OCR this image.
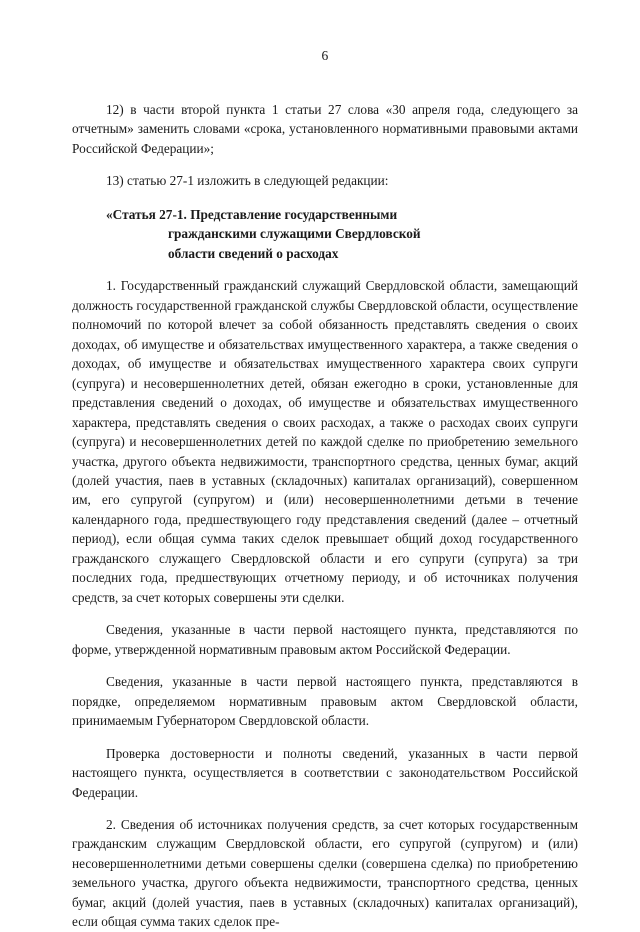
6

12) в части второй пункта 1 статьи 27 слова «30 апреля года, следующего за отчетным» заменить словами «срока, установленного нормативными правовыми актами Российской Федерации»;

13) статью 27-1 изложить в следующей редакции:

«Статья 27-1. Представление государственными
гражданскими служащими Свердловской
области сведений о расходах

1. Государственный гражданский служащий Свердловской области, замещающий должность государственной гражданской службы Свердловской области, осуществление полномочий по которой влечет за собой обязанность представлять сведения о своих доходах, об имуществе и обязательствах имущественного характера, а также сведения о доходах, об имуществе и обязательствах имущественного характера своих супруги (супруга) и несовершеннолетних детей, обязан ежегодно в сроки, установленные для представления сведений о доходах, об имуществе и обязательствах имущественного характера, представлять сведения о своих расходах, а также о расходах своих супруги (супруга) и несовершеннолетних детей по каждой сделке по приобретению земельного участка, другого объекта недвижимости, транспортного средства, ценных бумаг, акций (долей участия, паев в уставных (складочных) капиталах организаций), совершенном им, его супругой (супругом) и (или) несовершеннолетними детьми в течение календарного года, предшествующего году представления сведений (далее – отчетный период), если общая сумма таких сделок превышает общий доход государственного гражданского служащего Свердловской области и его супруги (супруга) за три последних года, предшествующих отчетному периоду, и об источниках получения средств, за счет которых совершены эти сделки.

Сведения, указанные в части первой настоящего пункта, представляются по форме, утвержденной нормативным правовым актом Российской Федерации.

Сведения, указанные в части первой настоящего пункта, представляются в порядке, определяемом нормативным правовым актом Свердловской области, принимаемым Губернатором Свердловской области.

Проверка достоверности и полноты сведений, указанных в части первой настоящего пункта, осуществляется в соответствии с законодательством Российской Федерации.

2. Сведения об источниках получения средств, за счет которых государственным гражданским служащим Свердловской области, его супругой (супругом) и (или) несовершеннолетними детьми совершены сделки (совершена сделка) по приобретению земельного участка, другого объекта недвижимости, транспортного средства, ценных бумаг, акций (долей участия, паев в уставных (складочных) капиталах организаций), если общая сумма таких сделок пре-
